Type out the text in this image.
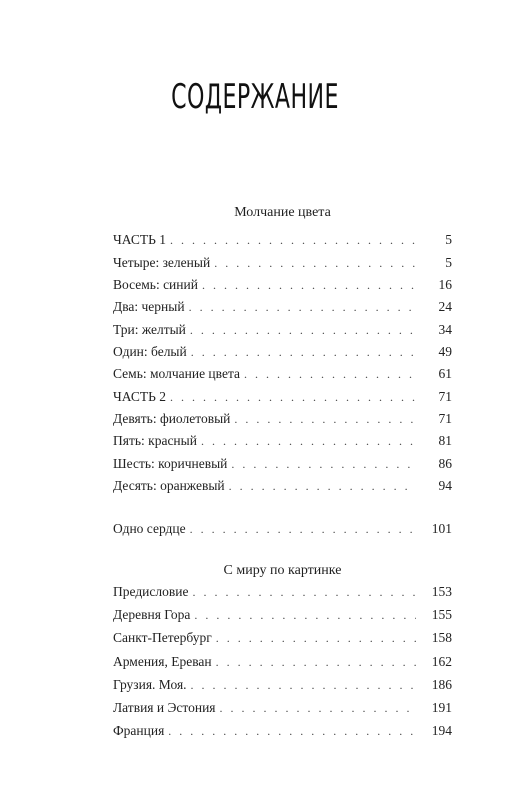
СОДЕРЖАНИЕ
Молчание цвета
ЧАСТЬ 1 . . .	5
Четыре: зеленый . . .	5
Восемь: синий . . .	16
Два: черный . . .	24
Три: желтый . . .	34
Один: белый . . .	49
Семь: молчание цвета . . .	61
ЧАСТЬ 2 . . .	71
Девять: фиолетовый . . .	71
Пять: красный . . .	81
Шесть: коричневый . . .	86
Десять: оранжевый . . .	94
Одно сердце . . .	101
С миру по картинке
Предисловие . . .	153
Деревня Гора . . .	155
Санкт-Петербург . . .	158
Армения, Ереван . . .	162
Грузия. Моя. . . .	186
Латвия и Эстония . . .	191
Франция . . .	194
